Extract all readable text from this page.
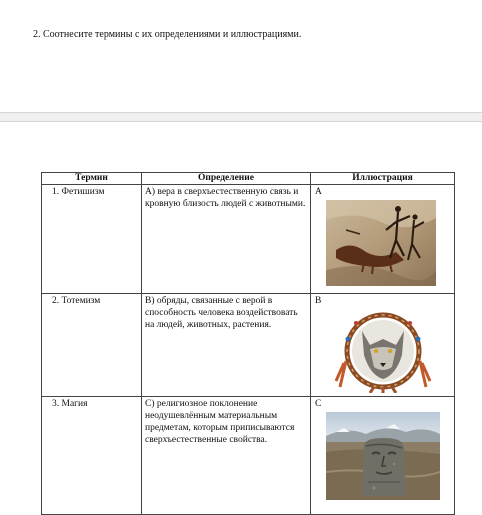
2. Соотнесите термины с их определениями и иллюстрациями.
Термин	Определение	Иллюстрация
1. Фетишизм	А) вера в сверхъестественную связь и кровную близость людей с животными.	А

2. Тотемизм	В) обряды, связанные с верой в способность человека воздействовать на людей, животных, растения.	В

3. Магия	С) религиозное поклонение неодушевлённым материальным предметам, которым приписываются сверхъестественные свойства.	С
